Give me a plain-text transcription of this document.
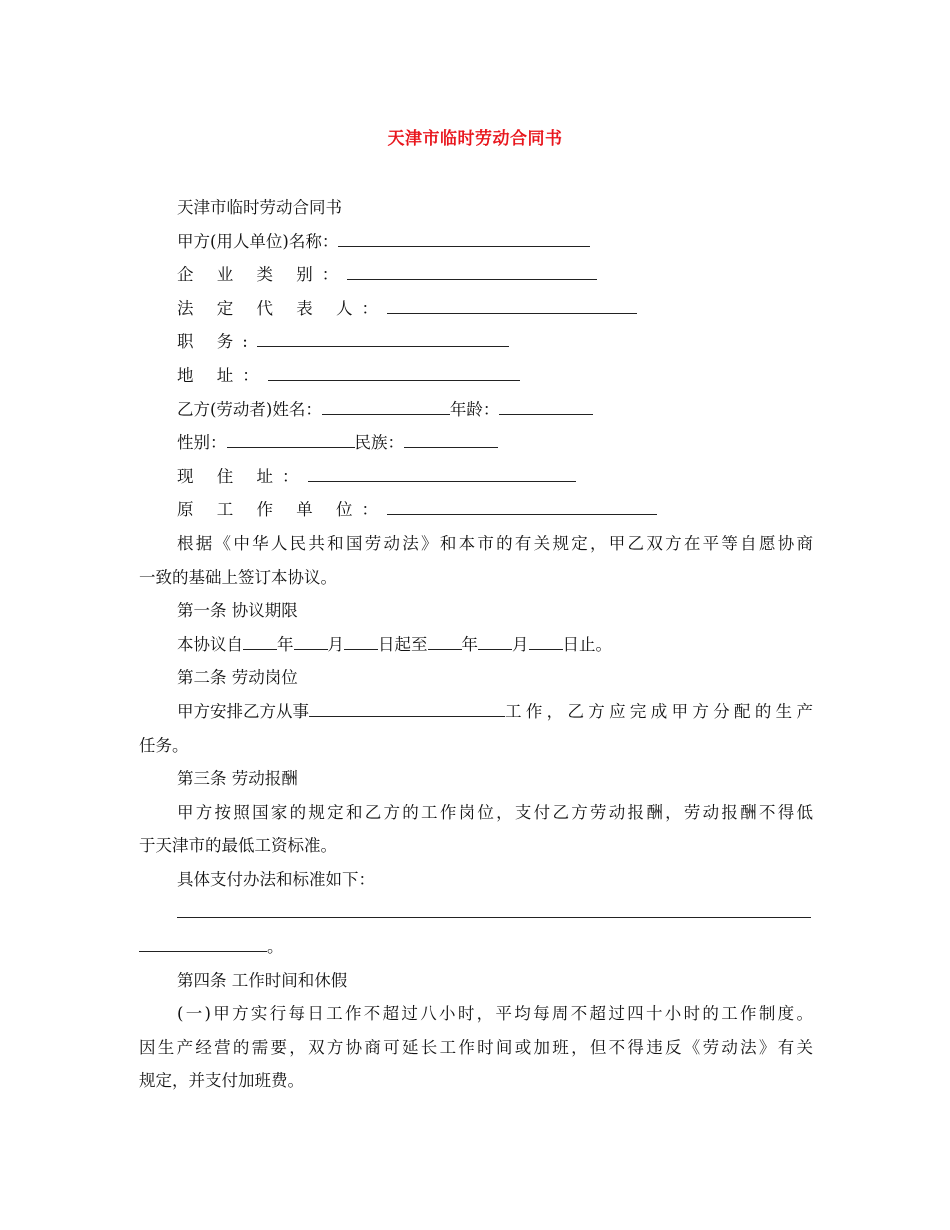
天津市临时劳动合同书
天津市临时劳动合同书
甲方(用人单位)名称：
企 业 类 别：
法 定 代 表 人：
职 务:
地 址：
乙方(劳动者)姓名：	年龄：
性别：	民族：
现 住 址：
原 工 作 单 位：
根据《中华人民共和国劳动法》和本市的有关规定，甲乙双方在平等自愿协商
一致的基础上签订本协议。
第一条 协议期限
本协议自 年 月 日起至 年 月 日止。
第二条 劳动岗位
甲方安排乙方从事	工作，乙方应完成甲方分配的生产
任务。
第三条 劳动报酬
甲方按照国家的规定和乙方的工作岗位，支付乙方劳动报酬，劳动报酬不得低
于天津市的最低工资标准。
具体支付办法和标准如下：
。
第四条 工作时间和休假
(一)甲方实行每日工作不超过八小时，平均每周不超过四十小时的工作制度。
因生产经营的需要，双方协商可延长工作时间或加班，但不得违反《劳动法》有关
规定，并支付加班费。
